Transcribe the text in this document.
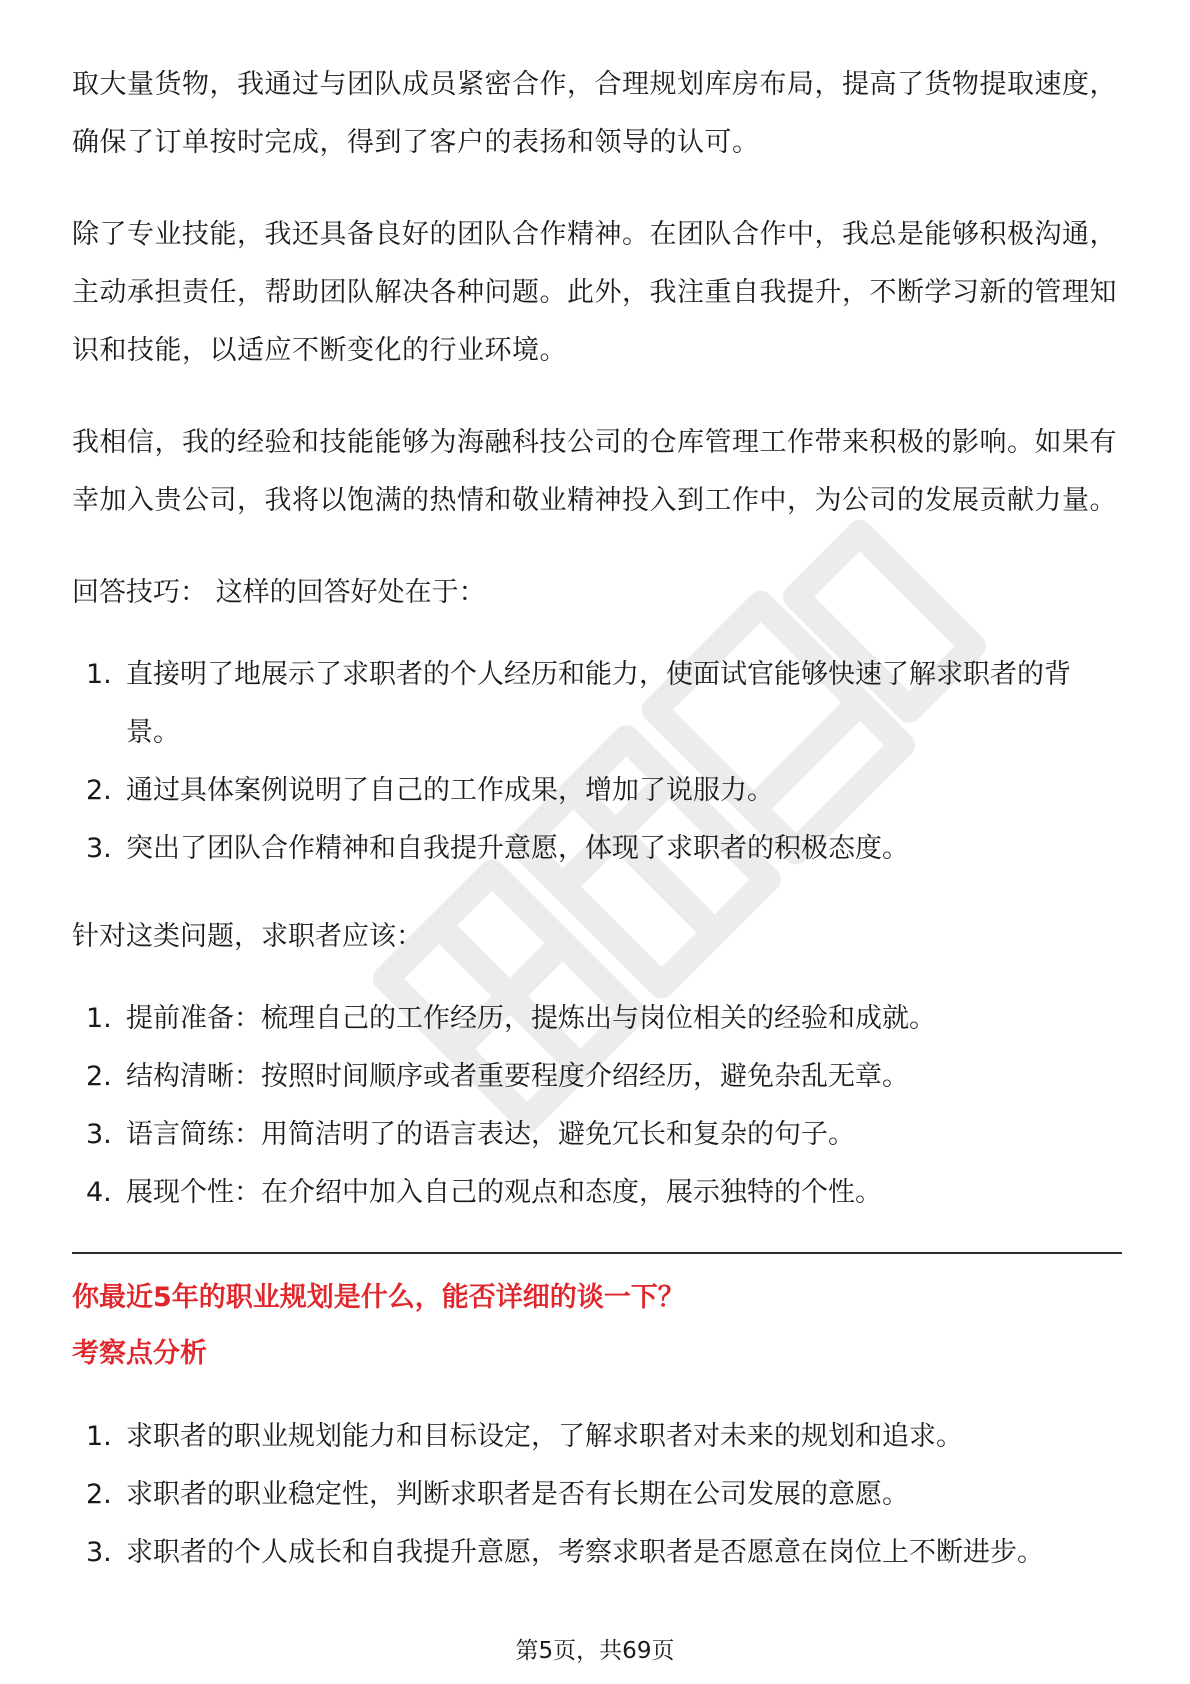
取大量货物，我通过与团队成员紧密合作，合理规划库房布局，提高了货物提取速度，确保了订单按时完成，得到了客户的表扬和领导的认可。

除了专业技能，我还具备良好的团队合作精神。在团队合作中，我总是能够积极沟通，主动承担责任，帮助团队解决各种问题。此外，我注重自我提升，不断学习新的管理知识和技能，以适应不断变化的行业环境。

我相信，我的经验和技能能够为海融科技公司的仓库管理工作带来积极的影响。如果有幸加入贵公司，我将以饱满的热情和敬业精神投入到工作中，为公司的发展贡献力量。

回答技巧： 这样的回答好处在于：

1. 直接明了地展示了求职者的个人经历和能力，使面试官能够快速了解求职者的背景。
2. 通过具体案例说明了自己的工作成果，增加了说服力。
3. 突出了团队合作精神和自我提升意愿，体现了求职者的积极态度。

针对这类问题，求职者应该：

1. 提前准备：梳理自己的工作经历，提炼出与岗位相关的经验和成就。
2. 结构清晰：按照时间顺序或者重要程度介绍经历，避免杂乱无章。
3. 语言简练：用简洁明了的语言表达，避免冗长和复杂的句子。
4. 展现个性：在介绍中加入自己的观点和态度，展示独特的个性。

你最近5年的职业规划是什么，能否详细的谈一下？

考察点分析

1. 求职者的职业规划能力和目标设定，了解求职者对未来的规划和追求。
2. 求职者的职业稳定性，判断求职者是否有长期在公司发展的意愿。
3. 求职者的个人成长和自我提升意愿，考察求职者是否愿意在岗位上不断进步。
第5页，共69页
